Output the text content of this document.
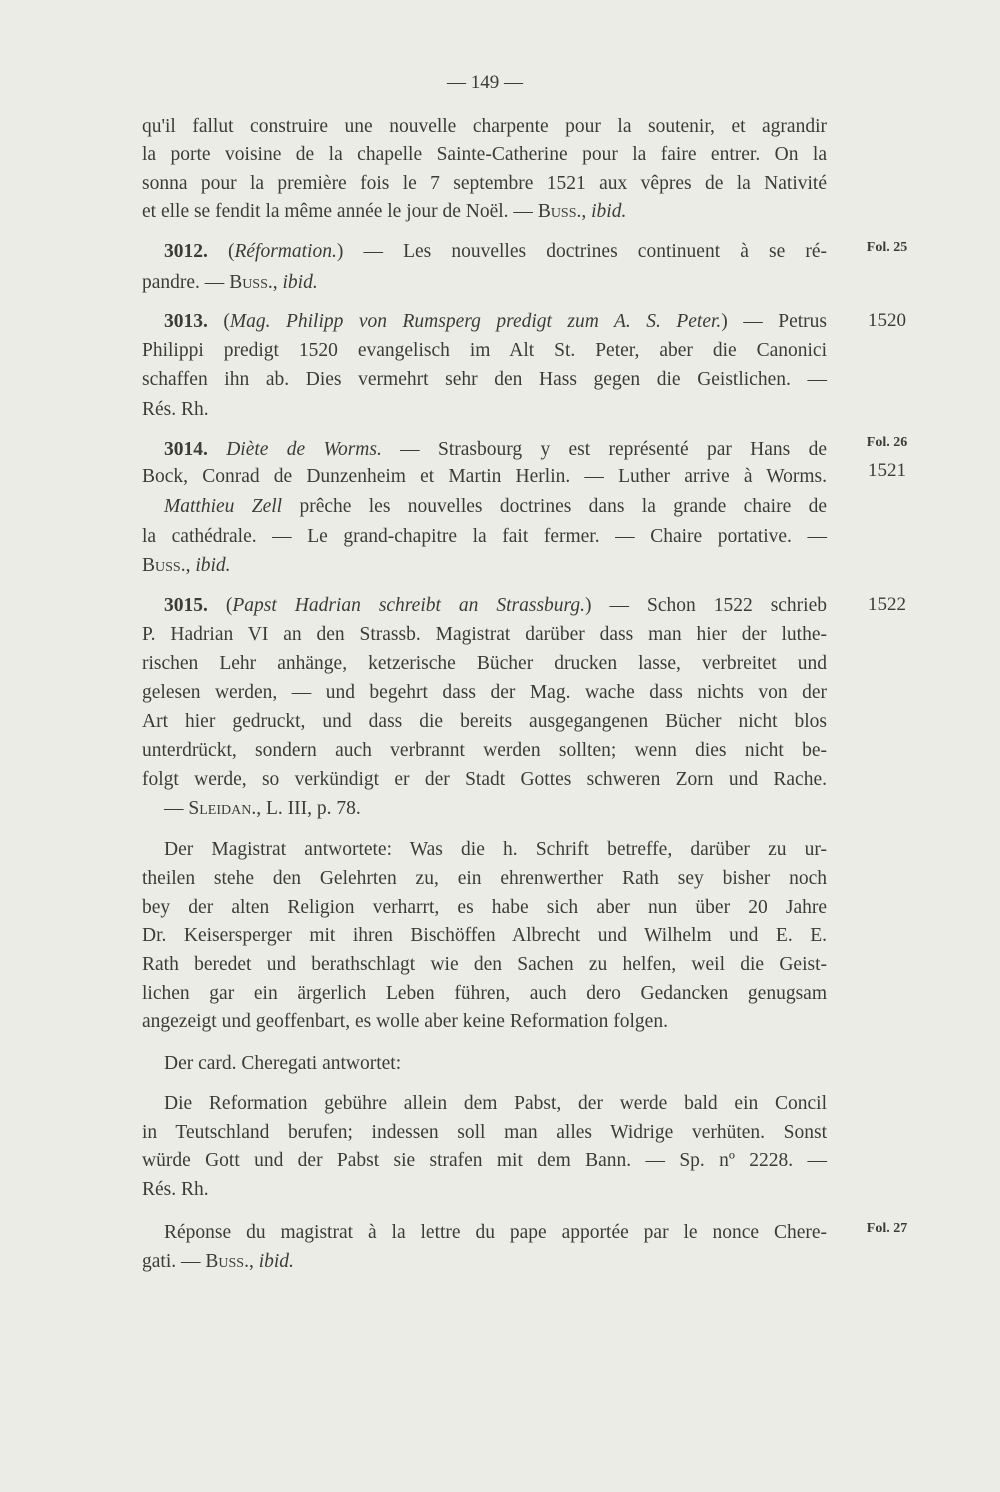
— 149 —
qu'il fallut construire une nouvelle charpente pour la soutenir, et agrandir
la porte voisine de la chapelle Sainte-Catherine pour la faire entrer. On la
sonna pour la première fois le 7 septembre 1521 aux vêpres de la Nativité
et elle se fendit la même année le jour de Noël. — Buss., ibid.
3012. (Réformation.) — Les nouvelles doctrines continuent à se ré-
pandre. — Buss., ibid.
3013. (Mag. Philipp von Rumsperg predigt zum A. S. Peter.) — Petrus
Philippi predigt 1520 evangelisch im Alt St. Peter, aber die Canonici
schaffen ihn ab. Dies vermehrt sehr den Hass gegen die Geistlichen. —
Rés. Rh.
3014. Diète de Worms. — Strasbourg y est représenté par Hans de
Bock, Conrad de Dunzenheim et Martin Herlin. — Luther arrive à Worms.
Matthieu Zell prêche les nouvelles doctrines dans la grande chaire de
la cathédrale. — Le grand-chapitre la fait fermer. — Chaire portative. —
Buss., ibid.
3015. (Papst Hadrian schreibt an Strassburg.) — Schon 1522 schrieb
P. Hadrian VI an den Strassb. Magistrat darüber dass man hier der luthe-
rischen Lehr anhänge, ketzerische Bücher drucken lasse, verbreitet und
gelesen werden, — und begehrt dass der Mag. wache dass nichts von der
Art hier gedruckt, und dass die bereits ausgegangenen Bücher nicht blos
unterdrückt, sondern auch verbrannt werden sollten; wenn dies nicht be-
folgt werde, so verkündigt er der Stadt Gottes schweren Zorn und Rache.
— Sleidan., L. III, p. 78.
Der Magistrat antwortete: Was die h. Schrift betreffe, darüber zu ur-
theilen stehe den Gelehrten zu, ein ehrenwerther Rath sey bisher noch
bey der alten Religion verharrt, es habe sich aber nun über 20 Jahre
Dr. Keisersperger mit ihren Bischöffen Albrecht und Wilhelm und E. E.
Rath beredet und berathschlagt wie den Sachen zu helfen, weil die Geist-
lichen gar ein ärgerlich Leben führen, auch dero Gedancken genugsam
angezeigt und geoffenbart, es wolle aber keine Reformation folgen.
Der card. Cheregati antwortet:
Die Reformation gebühre allein dem Pabst, der werde bald ein Concil
in Teutschland berufen; indessen soll man alles Widrige verhüten. Sonst
würde Gott und der Pabst sie strafen mit dem Bann. — Sp. nº 2228. —
Rés. Rh.
Réponse du magistrat à la lettre du pape apportée par le nonce Chere-
gati. — Buss., ibid.
Fol. 25
1520
Fol. 26
1521
1522
Fol. 27
